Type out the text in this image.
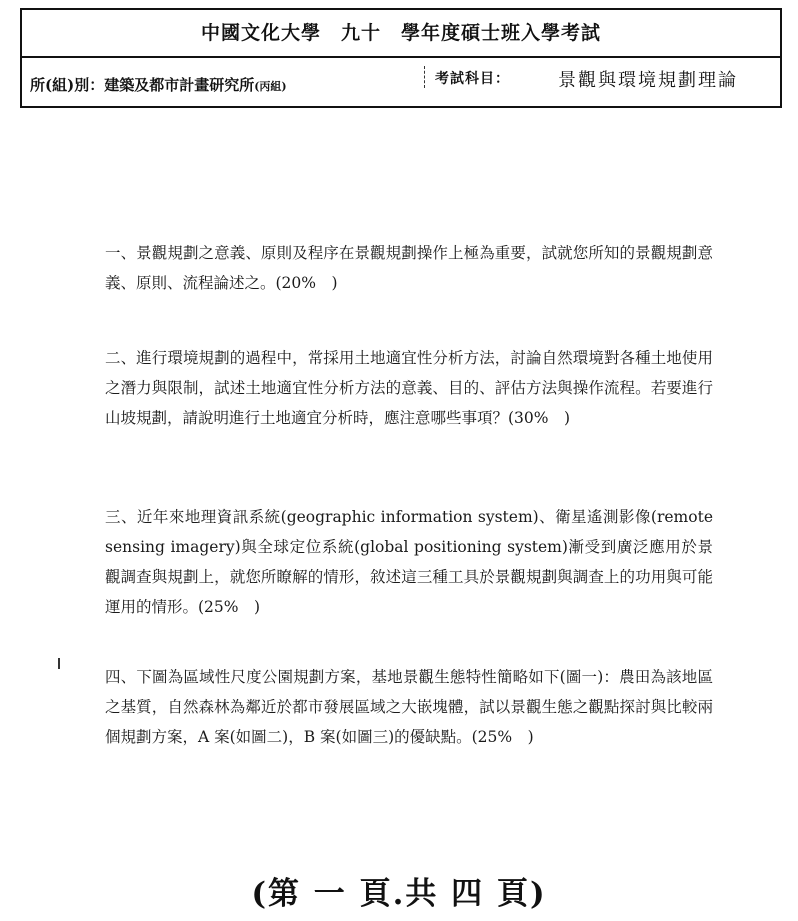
中國文化大學　九十　學年度碩士班入學考試
所(組)別：建築及都市計畫研究所(丙組)	考試科目：	景觀與環境規劃理論
一、景觀規劃之意義、原則及程序在景觀規劃操作上極為重要，試就您所知的景觀規劃意義、原則、流程論述之。(20%　)
二、進行環境規劃的過程中，常採用土地適宜性分析方法，討論自然環境對各種土地使用之潛力與限制，試述土地適宜性分析方法的意義、目的、評估方法與操作流程。若要進行山坡規劃，請說明進行土地適宜分析時，應注意哪些事項？(30%　)
三、近年來地理資訊系統(geographic information system)、衛星遙測影像(remote sensing imagery)與全球定位系統(global positioning system)漸受到廣泛應用於景觀調查與規劃上，就您所瞭解的情形，敘述這三種工具於景觀規劃與調查上的功用與可能運用的情形。(25%　)
四、下圖為區域性尺度公園規劃方案，基地景觀生態特性簡略如下(圖一)：農田為該地區之基質，自然森林為鄰近於都市發展區域之大嵌塊體，試以景觀生態之觀點探討與比較兩個規劃方案，A 案(如圖二)，B 案(如圖三)的優缺點。(25%　)
(第 一 頁.共 四 頁)
